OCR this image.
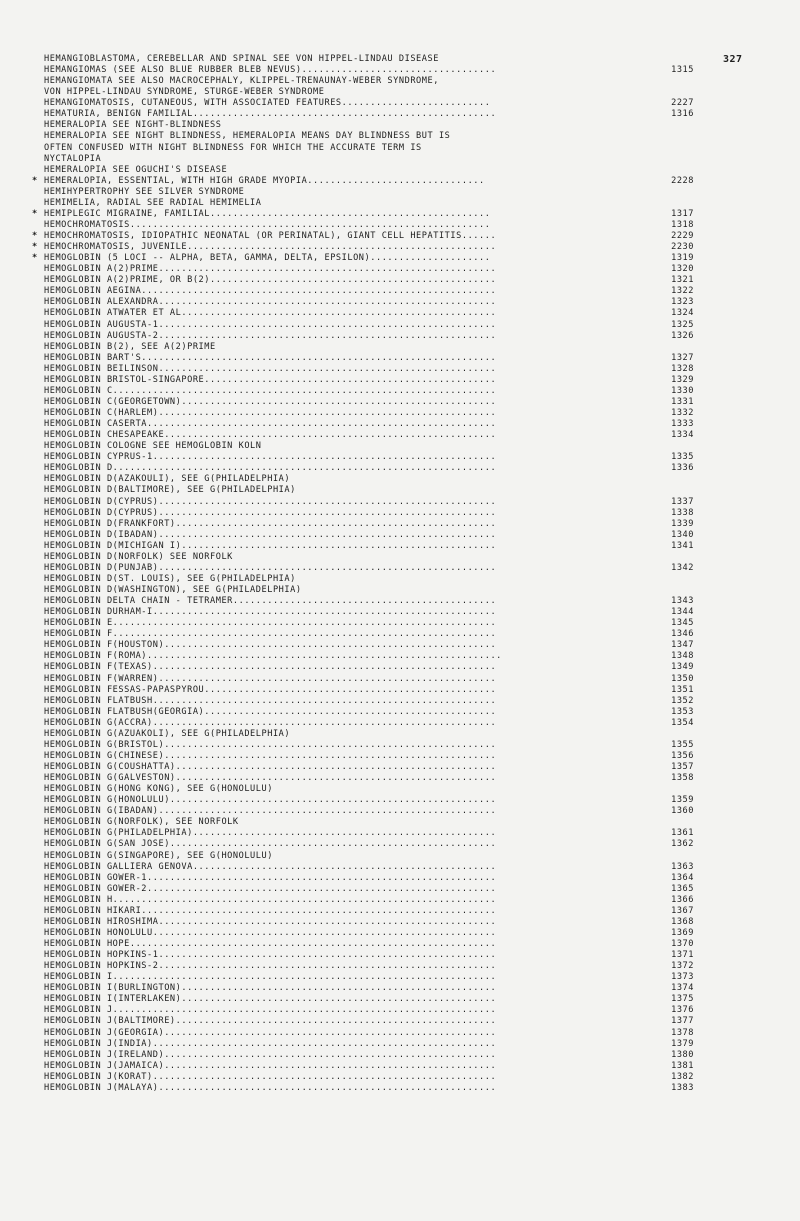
327
HEMANGIOBLASTOMA, CEREBELLAR AND SPINAL SEE VON HIPPEL-LINDAU DISEASE
HEMANGIOMAS (SEE ALSO BLUE RUBBER BLEB NEVUS)..................................	1315
HEMANGIOMATA SEE ALSO MACROCEPHALY, KLIPPEL-TRENAUNAY-WEBER SYNDROME,
VON HIPPEL-LINDAU SYNDROME, STURGE-WEBER SYNDROME
HEMANGIOMATOSIS, CUTANEOUS, WITH ASSOCIATED FEATURES..........................	2227
HEMATURIA, BENIGN FAMILIAL.....................................................	1316
HEMERALOPIA SEE NIGHT-BLINDNESS
HEMERALOPIA SEE NIGHT BLINDNESS, HEMERALOPIA MEANS DAY BLINDNESS BUT IS
OFTEN CONFUSED WITH NIGHT BLINDNESS FOR WHICH THE ACCURATE TERM IS
NYCTALOPIA
HEMERALOPIA SEE OGUCHI'S DISEASE
* HEMERALOPIA, ESSENTIAL, WITH HIGH GRADE MYOPIA...............................	2228
HEMIHYPERTROPHY SEE SILVER SYNDROME
HEMIMELIA, RADIAL SEE RADIAL HEMIMELIA
* HEMIPLEGIC MIGRAINE, FAMILIAL.................................................	1317
HEMOCHROMATOSIS...............................................................	1318
* HEMOCHROMATOSIS, IDIOPATHIC NEONATAL (OR PERINATAL), GIANT CELL HEPATITIS......	2229
* HEMOCHROMATOSIS, JUVENILE......................................................	2230
* HEMOGLOBIN (5 LOCI -- ALPHA, BETA, GAMMA, DELTA, EPSILON).....................	1319
HEMOGLOBIN A(2)PRIME...........................................................	1320
HEMOGLOBIN A(2)PRIME, OR B(2)..................................................	1321
HEMOGLOBIN AEGINA..............................................................	1322
HEMOGLOBIN ALEXANDRA...........................................................	1323
HEMOGLOBIN ATWATER ET AL.......................................................	1324
HEMOGLOBIN AUGUSTA-1...........................................................	1325
HEMOGLOBIN AUGUSTA-2...........................................................	1326
HEMOGLOBIN B(2), SEE A(2)PRIME
HEMOGLOBIN BART'S..............................................................	1327
HEMOGLOBIN BEILINSON...........................................................	1328
HEMOGLOBIN BRISTOL-SINGAPORE...................................................	1329
HEMOGLOBIN C...................................................................	1330
HEMOGLOBIN C(GEORGETOWN).......................................................	1331
HEMOGLOBIN C(HARLEM)...........................................................	1332
HEMOGLOBIN CASERTA.............................................................	1333
HEMOGLOBIN CHESAPEAKE..........................................................	1334
HEMOGLOBIN COLOGNE SEE HEMOGLOBIN KOLN
HEMOGLOBIN CYPRUS-1............................................................	1335
HEMOGLOBIN D...................................................................	1336
HEMOGLOBIN D(AZAKOULI), SEE G(PHILADELPHIA)
HEMOGLOBIN D(BALTIMORE), SEE G(PHILADELPHIA)
HEMOGLOBIN D(CYPRUS)...........................................................	1337
HEMOGLOBIN D(CYPRUS)...........................................................	1338
HEMOGLOBIN D(FRANKFORT)........................................................	1339
HEMOGLOBIN D(IBADAN)...........................................................	1340
HEMOGLOBIN D(MICHIGAN I).......................................................	1341
HEMOGLOBIN D(NORFOLK) SEE NORFOLK
HEMOGLOBIN D(PUNJAB)...........................................................	1342
HEMOGLOBIN D(ST. LOUIS), SEE G(PHILADELPHIA)
HEMOGLOBIN D(WASHINGTON), SEE G(PHILADELPHIA)
HEMOGLOBIN DELTA CHAIN - TETRAMER..............................................	1343
HEMOGLOBIN DURHAM-I............................................................	1344
HEMOGLOBIN E...................................................................	1345
HEMOGLOBIN F...................................................................	1346
HEMOGLOBIN F(HOUSTON)..........................................................	1347
HEMOGLOBIN F(ROMA)..............................................................	1348
HEMOGLOBIN F(TEXAS)............................................................	1349
HEMOGLOBIN F(WARREN)...........................................................	1350
HEMOGLOBIN FESSAS-PAPASPYROU...................................................	1351
HEMOGLOBIN FLATBUSH............................................................	1352
HEMOGLOBIN FLATBUSH(GEORGIA)...................................................	1353
HEMOGLOBIN G(ACCRA)............................................................	1354
HEMOGLOBIN G(AZUAKOLI), SEE G(PHILADELPHIA)
HEMOGLOBIN G(BRISTOL)..........................................................	1355
HEMOGLOBIN G(CHINESE)..........................................................	1356
HEMOGLOBIN G(COUSHATTA)........................................................	1357
HEMOGLOBIN G(GALVESTON)........................................................	1358
HEMOGLOBIN G(HONG KONG), SEE G(HONOLULU)
HEMOGLOBIN G(HONOLULU).........................................................	1359
HEMOGLOBIN G(IBADAN)...........................................................	1360
HEMOGLOBIN G(NORFOLK), SEE NORFOLK
HEMOGLOBIN G(PHILADELPHIA).....................................................	1361
HEMOGLOBIN G(SAN JOSE).........................................................	1362
HEMOGLOBIN G(SINGAPORE), SEE G(HONOLULU)
HEMOGLOBIN GALLIERA GENOVA.....................................................	1363
HEMOGLOBIN GOWER-1.............................................................	1364
HEMOGLOBIN GOWER-2.............................................................	1365
HEMOGLOBIN H...................................................................	1366
HEMOGLOBIN HIKARI..............................................................	1367
HEMOGLOBIN HIROSHIMA...........................................................	1368
HEMOGLOBIN HONOLULU............................................................	1369
HEMOGLOBIN HOPE................................................................	1370
HEMOGLOBIN HOPKINS-1...........................................................	1371
HEMOGLOBIN HOPKINS-2...........................................................	1372
HEMOGLOBIN I...................................................................	1373
HEMOGLOBIN I(BURLINGTON).......................................................	1374
HEMOGLOBIN I(INTERLAKEN).......................................................	1375
HEMOGLOBIN J...................................................................	1376
HEMOGLOBIN J(BALTIMORE)........................................................	1377
HEMOGLOBIN J(GEORGIA)..........................................................	1378
HEMOGLOBIN J(INDIA)............................................................	1379
HEMOGLOBIN J(IRELAND)..........................................................	1380
HEMOGLOBIN J(JAMAICA)..........................................................	1381
HEMOGLOBIN J(KORAT)............................................................	1382
HEMOGLOBIN J(MALAYA)...........................................................	1383
